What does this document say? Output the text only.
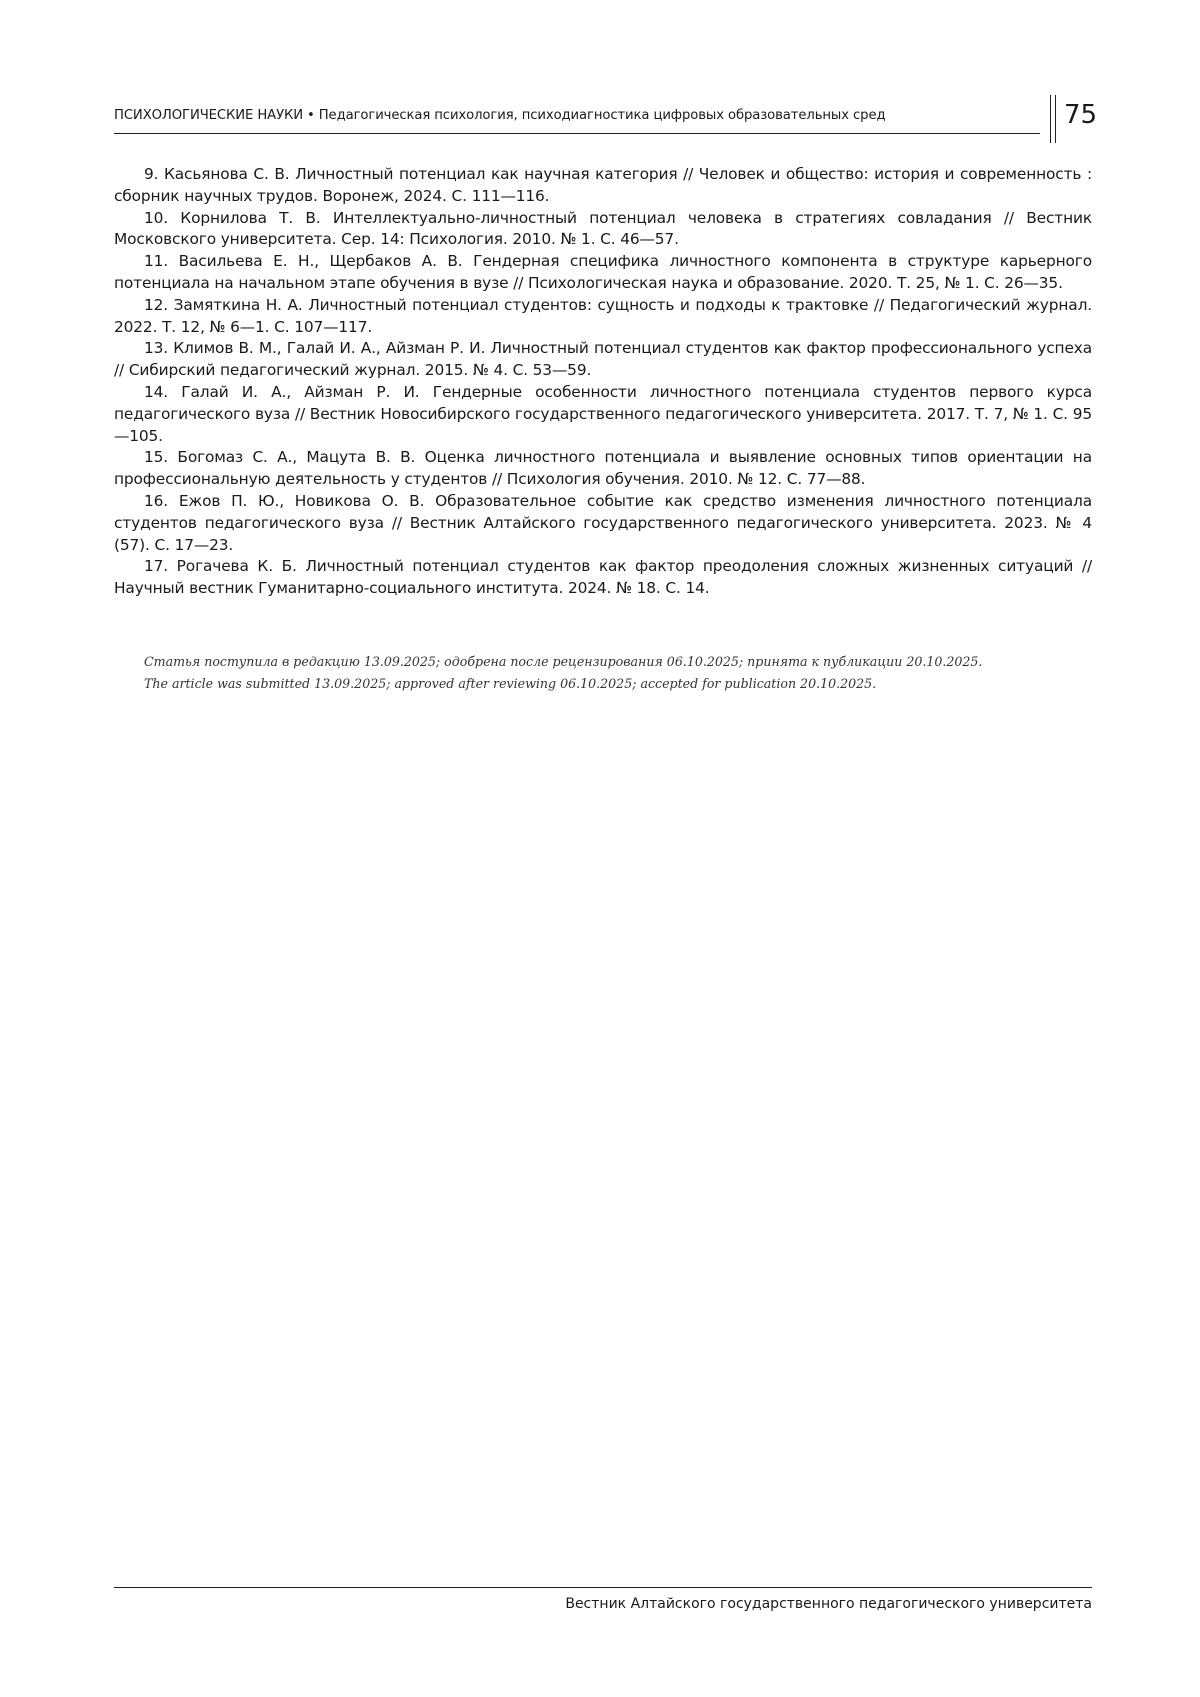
ПСИХОЛОГИЧЕСКИЕ НАУКИ • Педагогическая психология, психодиагностика цифровых образовательных сред	75

9. Касьянова С. В. Личностный потенциал как научная категория // Человек и общество: история и современность : сборник научных трудов. Воронеж, 2024. С. 111—116.

10. Корнилова Т. В. Интеллектуально-личностный потенциал человека в стратегиях совладания // Вестник Московского университета. Сер. 14: Психология. 2010. № 1. С. 46—57.

11. Васильева Е. Н., Щербаков А. В. Гендерная специфика личностного компонента в структуре карьерного потенциала на начальном этапе обучения в вузе // Психологическая наука и образование. 2020. Т. 25, № 1. С. 26—35.

12. Замяткина Н. А. Личностный потенциал студентов: сущность и подходы к трактовке // Педагогический журнал. 2022. Т. 12, № 6—1. С. 107—117.

13. Климов В. М., Галай И. А., Айзман Р. И. Личностный потенциал студентов как фактор профессионального успеха // Сибирский педагогический журнал. 2015. № 4. С. 53—59.

14. Галай И. А., Айзман Р. И. Гендерные особенности личностного потенциала студентов первого курса педагогического вуза // Вестник Новосибирского государственного педагогического университета. 2017. Т. 7, № 1. С. 95—105.

15. Богомаз С. А., Мацута В. В. Оценка личностного потенциала и выявление основных типов ориентации на профессиональную деятельность у студентов // Психология обучения. 2010. № 12. С. 77—88.

16. Ежов П. Ю., Новикова О. В. Образовательное событие как средство изменения личностного потенциала студентов педагогического вуза // Вестник Алтайского государственного педагогического университета. 2023. № 4 (57). С. 17—23.

17. Рогачева К. Б. Личностный потенциал студентов как фактор преодоления сложных жизненных ситуаций // Научный вестник Гуманитарно-социального института. 2024. № 18. С. 14.

Статья поступила в редакцию 13.09.2025; одобрена после рецензирования 06.10.2025; принята к публикации 20.10.2025.

The article was submitted 13.09.2025; approved after reviewing 06.10.2025; accepted for publication 20.10.2025.

Вестник Алтайского государственного педагогического университета
